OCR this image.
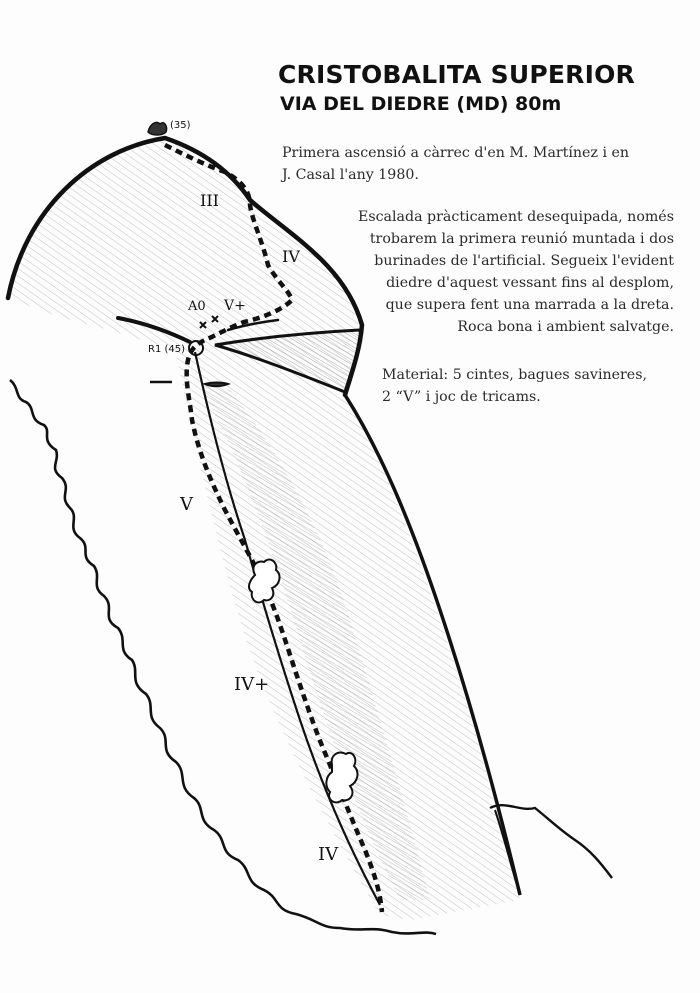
(35)
R1 (45)
A0 V+
III
IV
V
IV+
IV
CRISTOBALITA SUPERIOR
VIA DEL DIEDRE (MD) 80m
Primera ascensió a càrrec d'en M. Martínez i en
J. Casal l'any 1980.
Escalada pràcticament desequipada, només
trobarem la primera reunió muntada i dos
burinades de l'artificial. Segueix l'evident
diedre d'aquest vessant fins al desplom,
que supera fent una marrada a la dreta.
Roca bona i ambient salvatge.
Material: 5 cintes, bagues savineres,
2 “V” i joc de tricams.
